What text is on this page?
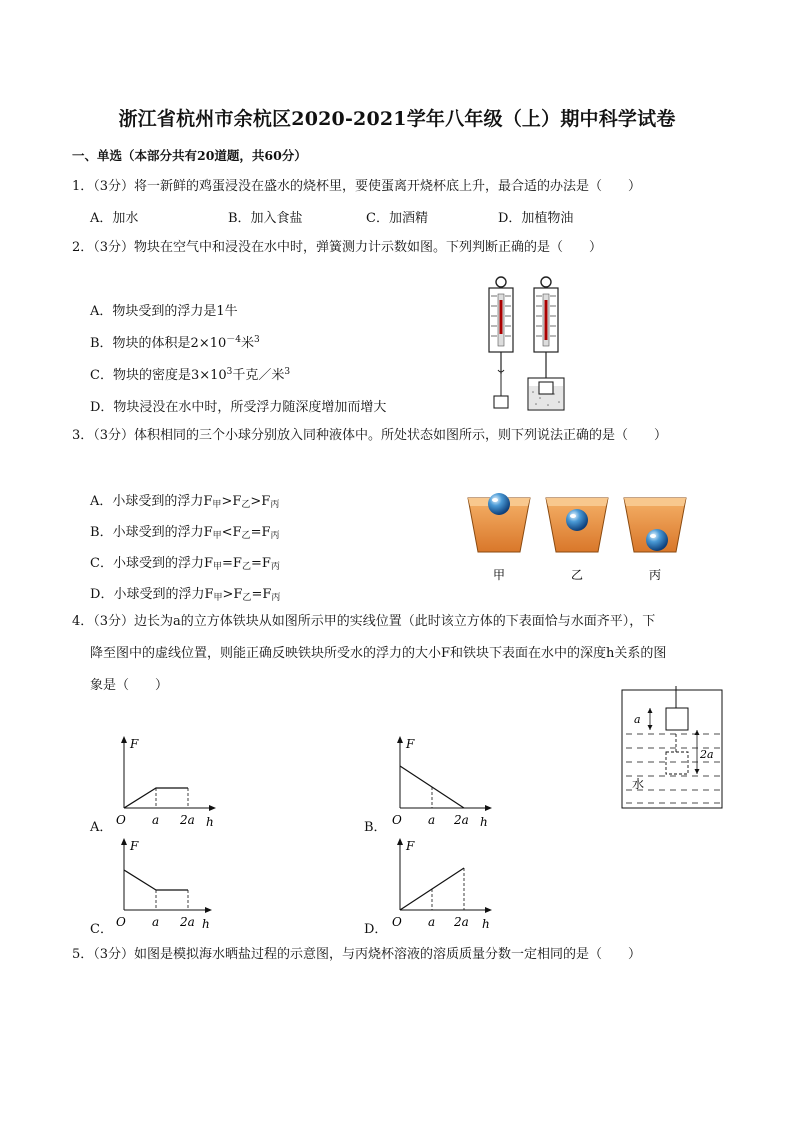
浙江省杭州市余杭区2020-2021学年八年级（上）期中科学试卷
一、单选（本部分共有20道题，共60分）
1．（3分）将一新鲜的鸡蛋浸没在盛水的烧杯里，要使蛋离开烧杯底上升，最合适的办法是（　　）
A．加水	B．加入食盐	C．加酒精	D．加植物油
2．（3分）物块在空气中和浸没在水中时，弹簧测力计示数如图。下列判断正确的是（　　）
A．物块受到的浮力是1牛
B．物块的体积是$2\times 10^{-4}$米$^3$
C．物块的密度是$3\times 10^3$千克／米$^3$
D．物块浸没在水中时，所受浮力随深度增加而增大
3．（3分）体积相同的三个小球分别放入同种液体中。所处状态如图所示，则下列说法正确的是（　　）
A．小球受到的浮力$F_甲>F_乙>F_丙$
B．小球受到的浮力$F_甲<F_乙=F_丙$
C．小球受到的浮力$F_甲=F_乙=F_丙$
D．小球受到的浮力$F_甲>F_乙=F_丙$
甲	乙	丙
4．（3分）边长为a的立方体铁块从如图所示甲的实线位置（此时该立方体的下表面恰与水面齐平），下
降至图中的虚线位置，则能正确反映铁块所受水的浮力的大小F和铁块下表面在水中的深度h关系的图
象是（　　）
a
2a
水
A．
F
O a 2a h	B．
F
O a 2a h
C．
F
O a 2a h	D．
F
O a 2a h
5．（3分）如图是模拟海水晒盐过程的示意图，与丙烧杯溶液的溶质质量分数一定相同的是（　　）
